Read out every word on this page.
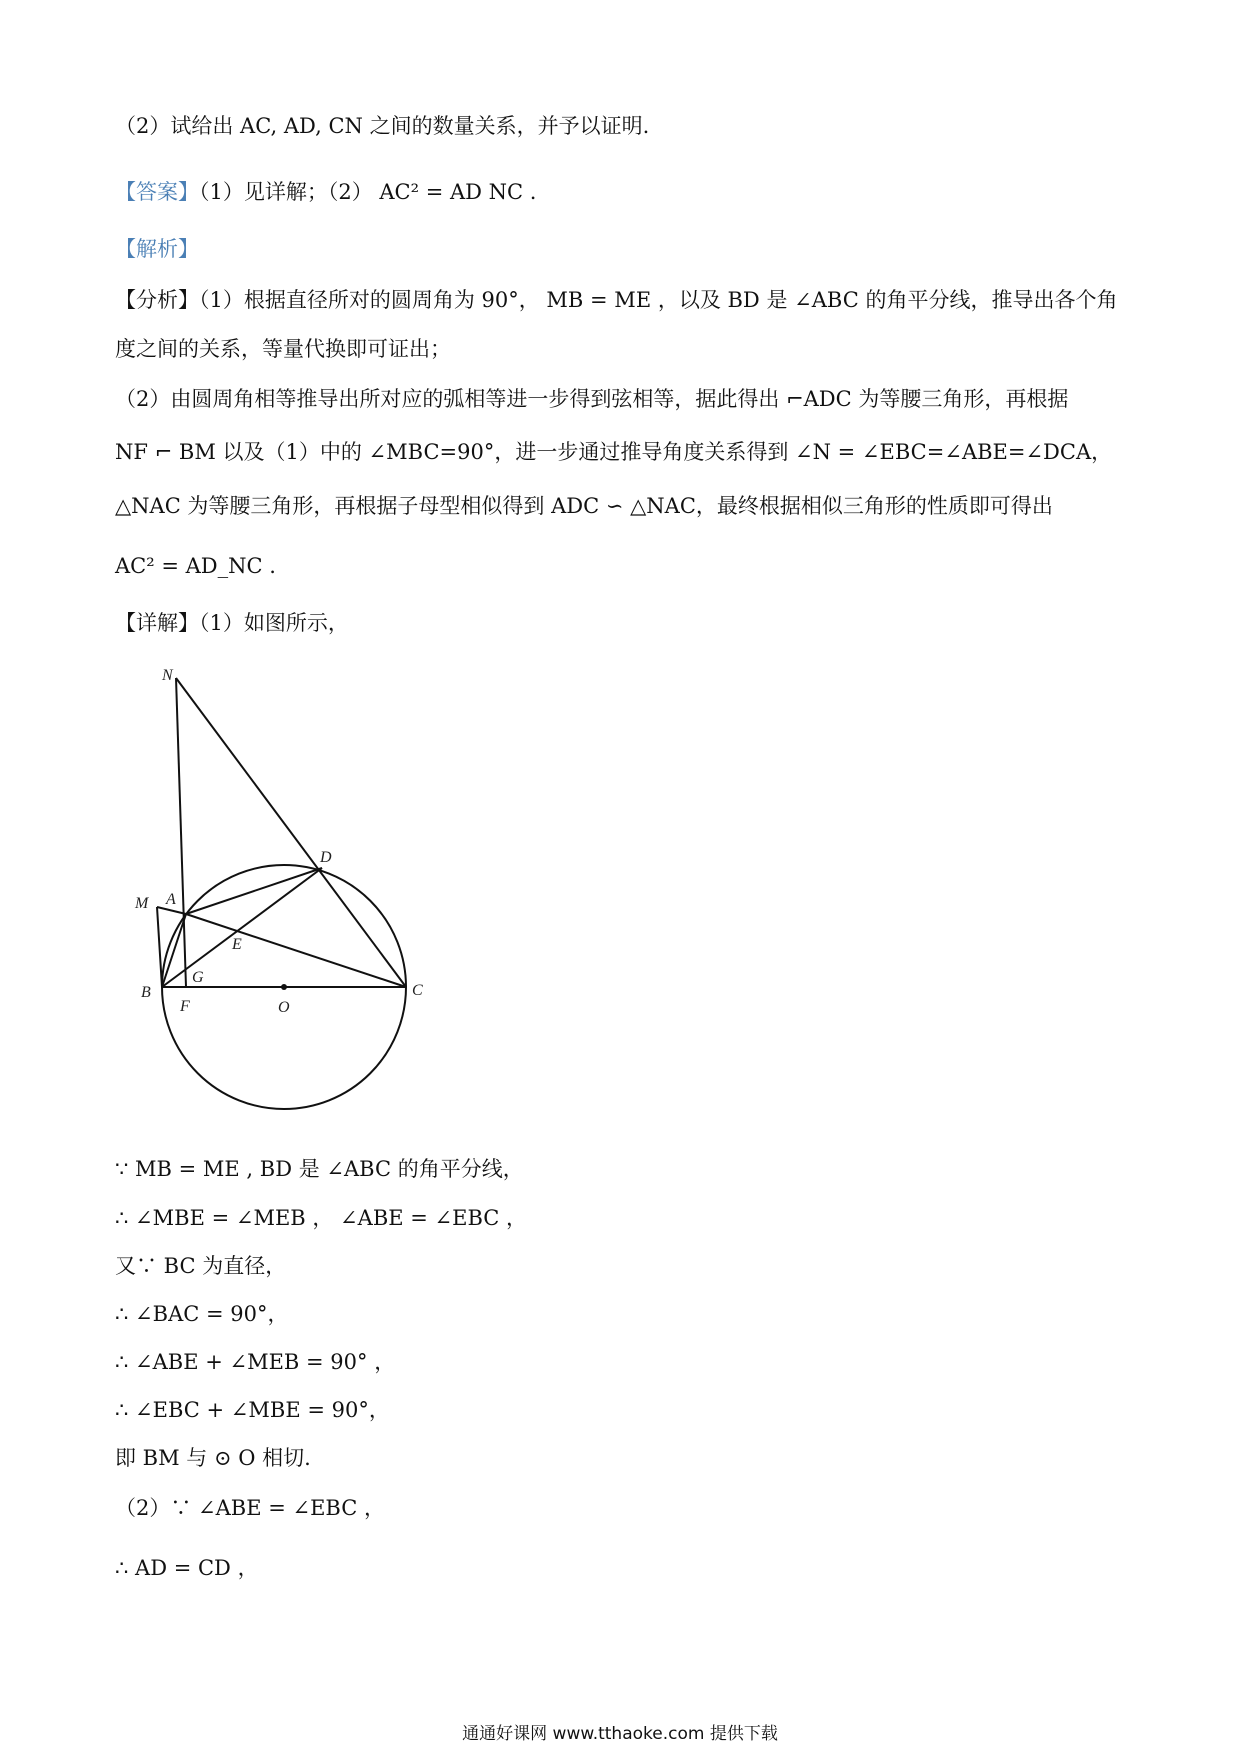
（2）试给出 AC, AD, CN 之间的数量关系，并予以证明.
【答案】（1）见详解；（2） AC² = AD NC .
【解析】
【分析】（1）根据直径所对的圆周角为 90°， MB = ME ，以及 BD 是 ∠ABC 的角平分线，推导出各个角
度之间的关系，等量代换即可证出；
（2）由圆周角相等推导出所对应的弧相等进一步得到弦相等，据此得出 ⌐ADC 为等腰三角形，再根据
NF ⌐ BM 以及（1）中的 ∠MBC=90°，进一步通过推导角度关系得到 ∠N = ∠EBC=∠ABE=∠DCA，
△NAC 为等腰三角形，再根据子母型相似得到 ADC ∽ △NAC，最终根据相似三角形的性质即可得出
AC² = AD_NC .
【详解】（1）如图所示，
N
D
M A
E
G
B
F	O
C
∵ MB = ME , BD 是 ∠ABC 的角平分线，
∴ ∠MBE = ∠MEB ， ∠ABE = ∠EBC ，
又∵ BC 为直径，
∴ ∠BAC = 90°，
∴ ∠ABE + ∠MEB = 90° ，
∴ ∠EBC + ∠MBE = 90°，
即 BM 与 ⊙ O 相切.
（2）∵ ∠ABE = ∠EBC ，
∴ AD = CD ，
通通好课网 www.tthaoke.com 提供下载
